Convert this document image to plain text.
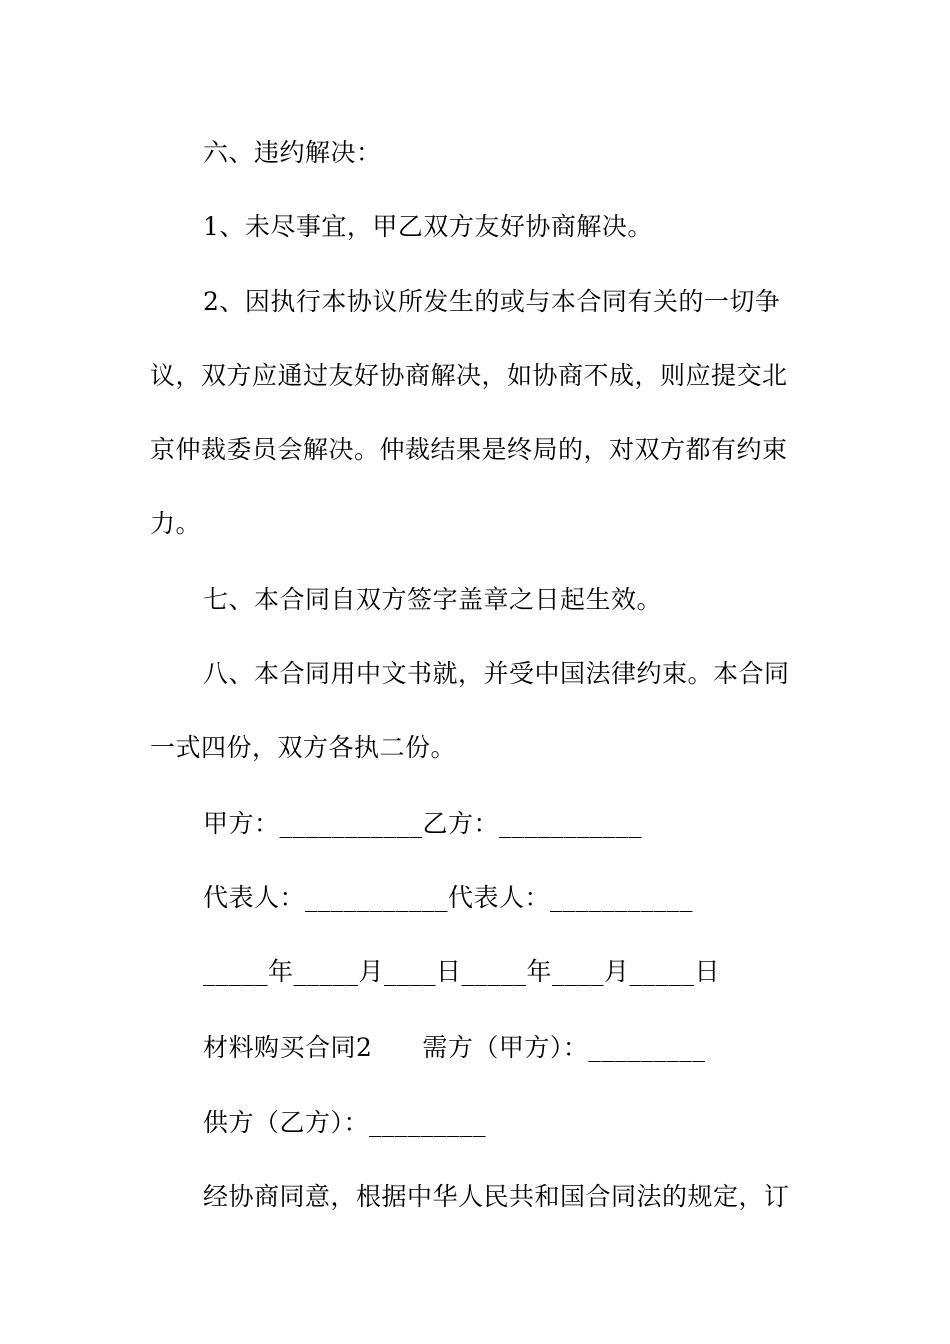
六、违约解决：
1、未尽事宜，甲乙双方友好协商解决。
2、因执行本协议所发生的或与本合同有关的一切争
议，双方应通过友好协商解决，如协商不成，则应提交北
京仲裁委员会解决。仲裁结果是终局的，对双方都有约束
力。
七、本合同自双方签字盖章之日起生效。
八、本合同用中文书就，并受中国法律约束。本合同
一式四份，双方各执二份。
甲方：___________乙方：___________
代表人：___________代表人：___________
_____年_____月____日_____年____月_____日
材料购买合同2 需方（甲方）：_________
供方（乙方）：_________
经协商同意，根据中华人民共和国合同法的规定，订
